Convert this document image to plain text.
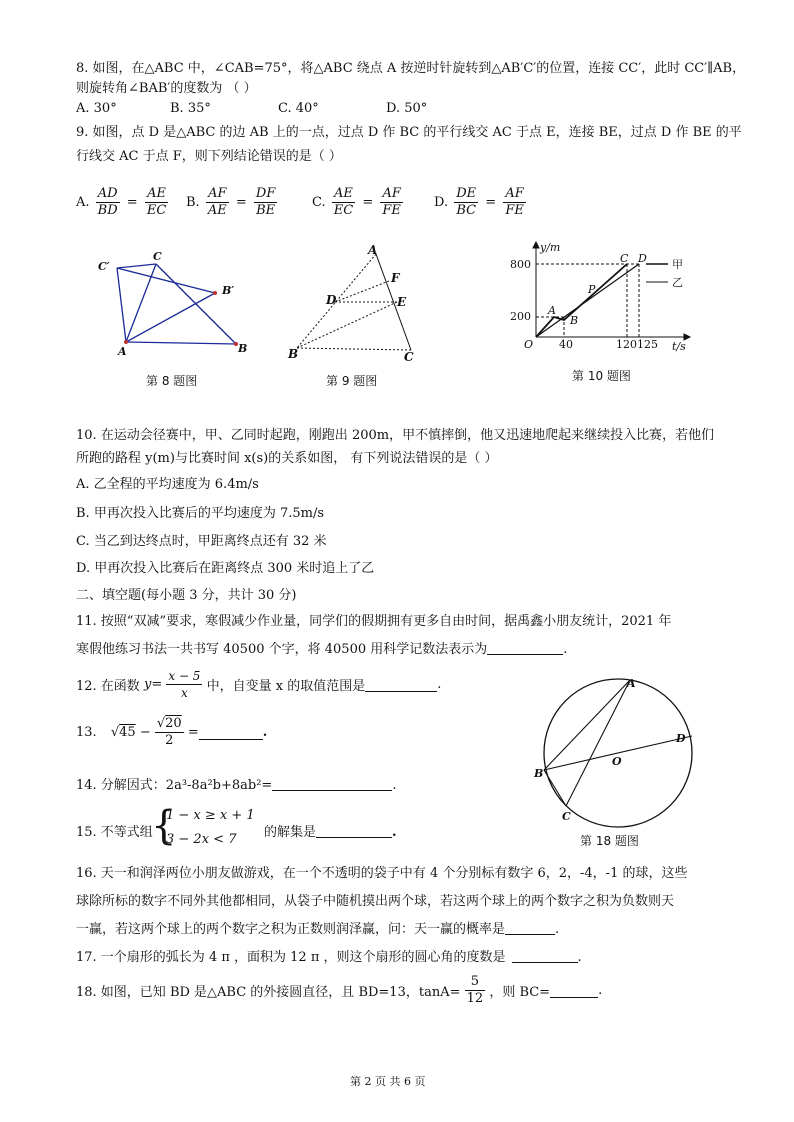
8. 如图，在△ABC 中，∠CAB=75°，将△ABC 绕点 A 按逆时针旋转到△AB′C′的位置，连接 CC′，此时 CC′∥AB，
则旋转角∠BAB′的度数为 （ ）
A. 30°	B. 35°	C. 40°	D. 50°
9. 如图，点 D 是△ABC 的边 AB 上的一点，过点 D 作 BC 的平行线交 AC 于点 E，连接 BE，过点 D 作 BE 的平
行线交 AC 于点 F，则下列结论错误的是（ ）
A. $\frac{AD}{BD} = \frac{AE}{EC} B$. $\frac{AF}{AE} = \frac{DF}{BE}$	C. $\frac{AE}{EC} = \frac{AF}{FE} D$. $\frac{DE}{BC} = \frac{AF}{FE}$
C′
C
B′
A	B
第 8 题图
A
F
D	E
B	C
第 9 题图
y/m
t/s
O
800
200
40	120125
A
B
P
C D 甲
乙
第 10 题图
10. 在运动会径赛中，甲、乙同时起跑，刚跑出 200m，甲不慎摔倒，他又迅速地爬起来继续投入比赛，若他们
所跑的路程 y(m)与比赛时间 x(s)的关系如图， 有下列说法错误的是（ ）
A. 乙全程的平均速度为 6.4m/s
B. 甲再次投入比赛后的平均速度为 7.5m/s
C. 当乙到达终点时，甲距离终点还有 32 米
D. 甲再次投入比赛后在距离终点 300 米时追上了乙
二、填空题(每小题 3 分，共计 30 分)
11. 按照“双减”要求，寒假减少作业量，同学们的假期拥有更多自由时间，据禹鑫小朋友统计，2021 年
寒假他练习书法一共书写 40500 个字，将 40500 用科学记数法表示为	.
12. 在函数 $y= \frac{x - 5}{x}$ 中，自变量 x 的取值范围是	.
13. $√45 - \frac{√20}{2}$ =	.
14. 分解因式：2a³-8a²b+8ab²=	.
15. 不等式组
{
1 − x ≥ x + 1
3 − 2x < 7 的解集是	.
A
D
O
B
C
第 18 题图
16. 天一和润泽两位小朋友做游戏，在一个不透明的袋子中有 4 个分别标有数字 6，2，-4，-1 的球，这些
球除所标的数字不同外其他都相同，从袋子中随机摸出两个球，若这两个球上的两个数字之积为负数则天
一赢，若这两个球上的两个数字之积为正数则润泽赢，问：天一赢的概率是	.
17. 一个扇形的弧长为 4 π ，面积为 12 π ，则这个扇形的圆心角的度数是	.
18. 如图，已知 BD 是△ABC 的外接圆直径，且 BD=13，$\tan A= \frac{5}{12}$ ，则 BC=	.
第 2 页 共 6 页
